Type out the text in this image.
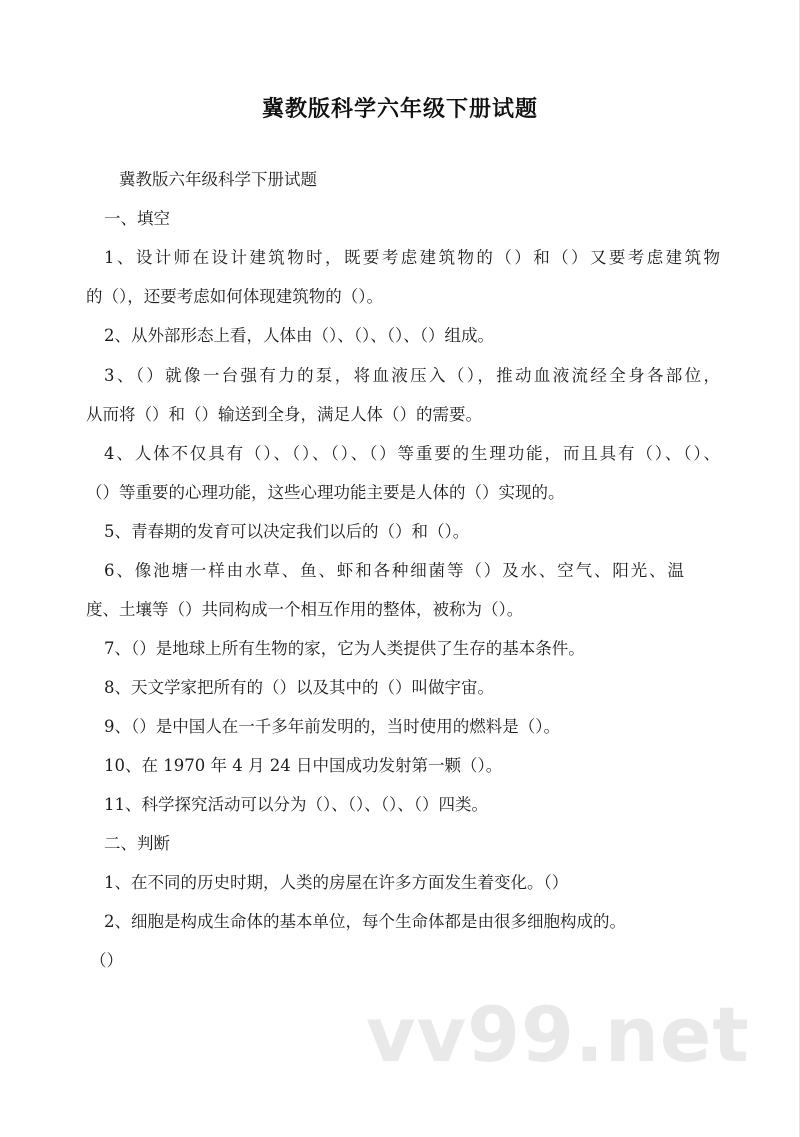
冀教版科学六年级下册试题
冀教版六年级科学下册试题
一、填空
1、设计师在设计建筑物时，既要考虑建筑物的（）和（）又要考虑建筑物
的（），还要考虑如何体现建筑物的（）。
2、从外部形态上看，人体由（）、（）、（）、（）组成。
3、（）就像一台强有力的泵，将血液压入（），推动血液流经全身各部位，
从而将（）和（）输送到全身，满足人体（）的需要。
4、人体不仅具有（）、（）、（）、（）等重要的生理功能，而且具有（）、（）、
（）等重要的心理功能，这些心理功能主要是人体的（）实现的。
5、青春期的发育可以决定我们以后的（）和（）。
6、像池塘一样由水草、鱼、虾和各种细菌等（）及水、空气、阳光、温
度、土壤等（）共同构成一个相互作用的整体，被称为（）。
7、（）是地球上所有生物的家，它为人类提供了生存的基本条件。
8、天文学家把所有的（）以及其中的（）叫做宇宙。
9、（）是中国人在一千多年前发明的，当时使用的燃料是（）。
10、在 1970 年 4 月 24 日中国成功发射第一颗（）。
11、科学探究活动可以分为（）、（）、（）、（）四类。
二、判断
1、在不同的历史时期，人类的房屋在许多方面发生着变化。（）
2、细胞是构成生命体的基本单位，每个生命体都是由很多细胞构成的。
（）
vv99.net
